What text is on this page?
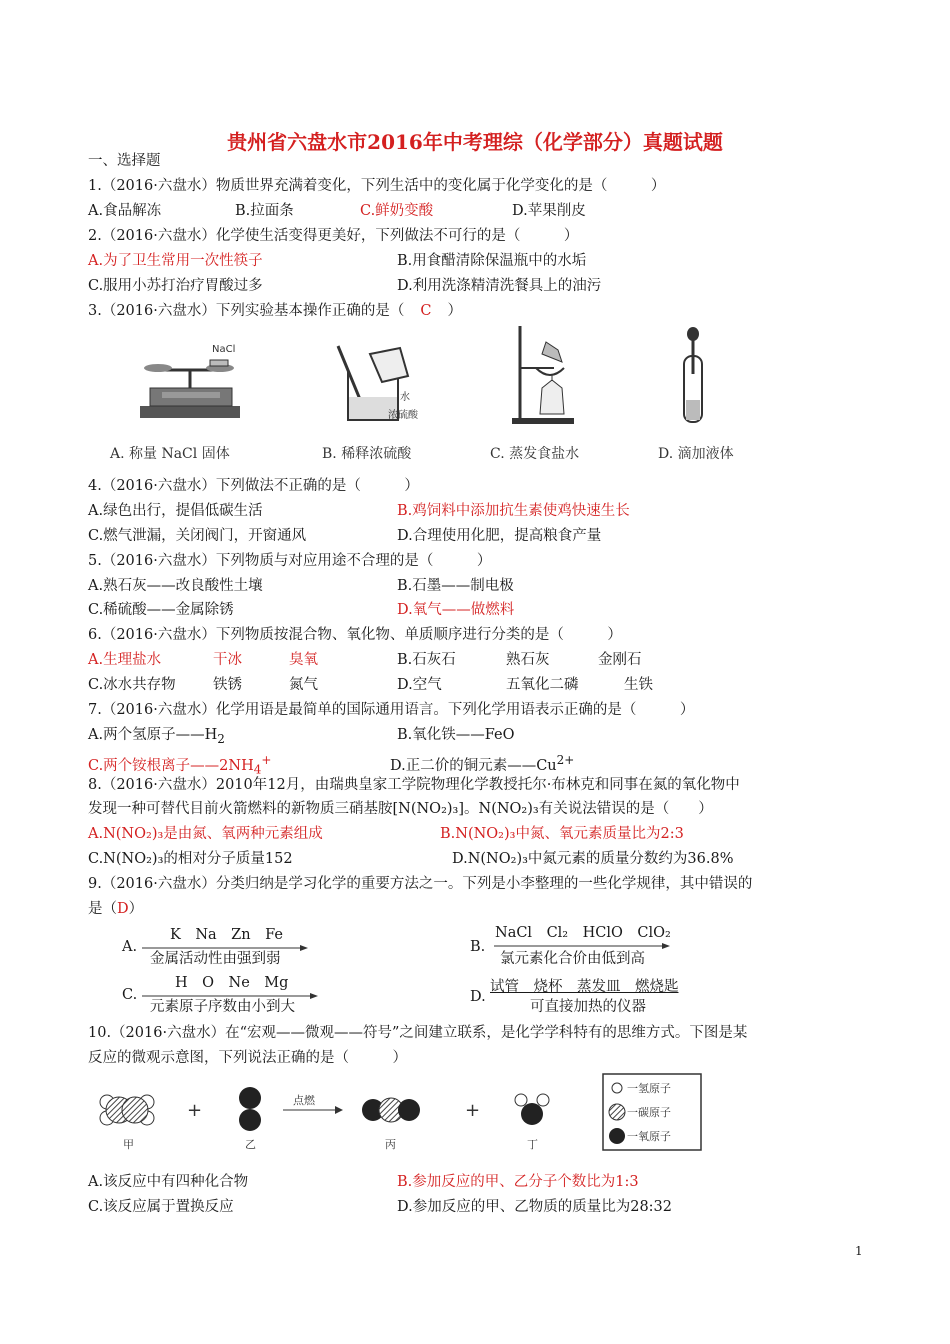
贵州省六盘水市2016年中考理综（化学部分）真题试题
一、选择题
1.（2016·六盘水）物质世界充满着变化，下列生活中的变化属于化学变化的是（　　　）
A.食品解冻	B.拉面条	C.鲜奶变酸	D.苹果削皮
2.（2016·六盘水）化学使生活变得更美好，下列做法不可行的是（　　　）
A.为了卫生常用一次性筷子	B.用食醋清除保温瓶中的水垢
C.服用小苏打治疗胃酸过多	D.利用洗涤精清洗餐具上的油污
3.（2016·六盘水）下列实验基本操作正确的是（ C ）
NaCl
水
浓硫酸
A. 称量 NaCl 固体	B. 稀释浓硫酸	C. 蒸发食盐水	D. 滴加液体
4.（2016·六盘水）下列做法不正确的是（　　　）
A.绿色出行，提倡低碳生活	B.鸡饲料中添加抗生素使鸡快速生长
C.燃气泄漏，关闭阀门，开窗通风	D.合理使用化肥，提高粮食产量
5.（2016·六盘水）下列物质与对应用途不合理的是（　　　）
A.熟石灰——改良酸性土壤	B.石墨——制电极
C.稀硫酸——金属除锈	D.氧气——做燃料
6.（2016·六盘水）下列物质按混合物、氧化物、单质顺序进行分类的是（　　　）
A.生理盐水	干冰	臭氧	B.石灰石	熟石灰	金刚石
C.冰水共存物	铁锈	氮气	D.空气	五氧化二磷	生铁
7.（2016·六盘水）化学用语是最简单的国际通用语言。下列化学用语表示正确的是（　　　）
A.两个氢原子$——H_2$	B.氧化铁——FeO
C.两个铵根离子$——2NH_4^+$	D.正二价的铜元素$——Cu^{2+}$
8.（2016·六盘水）2010年12月，由瑞典皇家工学院物理化学教授托尔·布林克和同事在氮的氧化物中
发现一种可替代目前火箭燃料的新物质三硝基胺[N(NO₂)₃]。N(NO₂)₃有关说法错误的是（　　）
A.N(NO₂)₃是由氮、氧两种元素组成	B.N(NO₂)₃中氮、氧元素质量比为2:3
C.N(NO₂)₃的相对分子质量152	D.N(NO₂)₃中氮元素的质量分数约为36.8%
9.（2016·六盘水）分类归纳是学习化学的重要方法之一。下列是小李整理的一些化学规律，其中错误的
是（D）
A.
K　Na　Zn　Fe
金属活动性由强到弱
B.
NaCl　Cl₂　HClO　ClO₂
氯元素化合价由低到高
C.
H　O　Ne　Mg
元素原子序数由小到大
D.
试管　烧杯　蒸发皿　燃烧匙
可直接加热的仪器
10.（2016·六盘水）在“宏观——微观——符号”之间建立联系，是化学学科特有的思维方式。下图是某
反应的微观示意图，下列说法正确的是（　　　）
甲
+
乙
点燃
丙
+
丁
一氢原子
一碳原子
一氧原子
A.该反应中有四种化合物	B.参加反应的甲、乙分子个数比为1:3
C.该反应属于置换反应	D.参加反应的甲、乙物质的质量比为28:32
1
